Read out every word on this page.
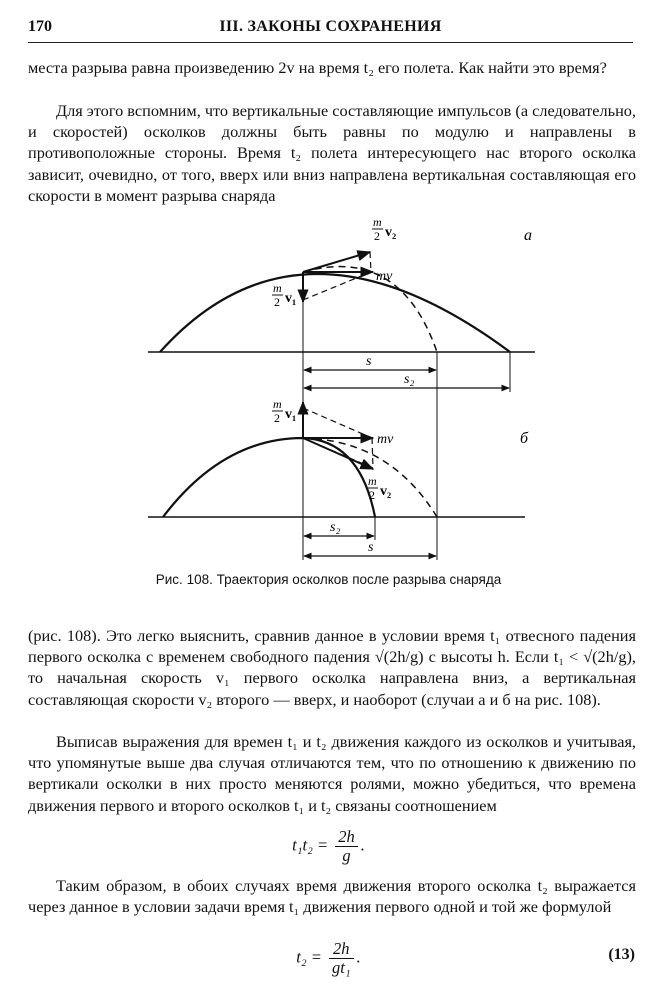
170	III. ЗАКОНЫ СОХРАНЕНИЯ

места разрыва равна произведению 2v на время t₂ его полета. Как найти это время?

Для этого вспомним, что вертикальные составляющие импульсов (а следовательно, и скоростей) осколков должны быть равны по модулю и направлены в противоположные стороны. Время t₂ полета интересующего нас второго осколка зависит, очевидно, от того, вверх или вниз направлена вертикальная составляющая его скорости в момент разрыва снаряда

а
m
2 v₂
mv
m
2 v₁
s
s₂
б
m
2 v₁
mv
m
2 v₂
s₂
s
Рис. 108. Траектория осколков после разрыва снаряда

(рис. 108). Это легко выяснить, сравнив данное в условии время t₁ отвесного падения первого осколка с временем свободного падения √(2h/g) с высоты h. Если t₁ < √(2h/g), то начальная скорость v₁ первого осколка направлена вниз, а вертикальная составляющая скорости v₂ второго — вверх, и наоборот (случаи а и б на рис. 108).

Выписав выражения для времен t₁ и t₂ движения каждого из осколков и учитывая, что упомянутые выше два случая отличаются тем, что по отношению к движению по вертикали осколки в них просто меняются ролями, можно убедиться, что времена движения первого и второго осколков t₁ и t₂ связаны соотношением

$t_1t_2 = \frac{2h}{g}$ .

Таким образом, в обоих случаях время движения второго осколка t₂ выражается через данное в условии задачи время t₁ движения первого одной и той же формулой

$t_2 = \frac{2h}{\text{gt₁}}$ .	(13)
